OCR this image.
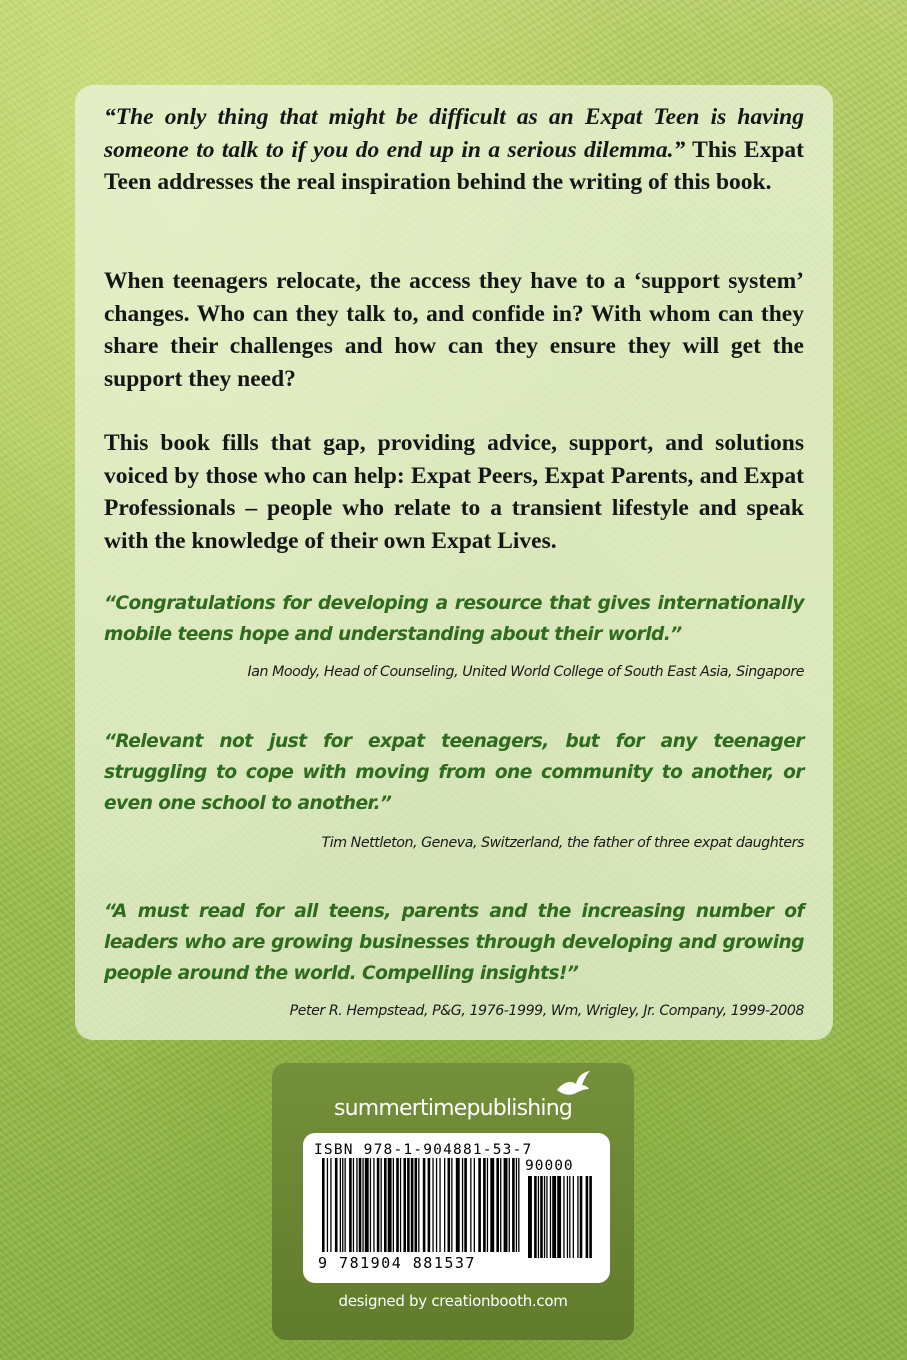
“The only thing that might be difficult as an Expat Teen is having someone to talk to if you do end up in a serious dilemma.” This Expat Teen addresses the real inspiration behind the writing of this book.

When teenagers relocate, the access they have to a ‘support system’ changes. Who can they talk to, and confide in? With whom can they share their challenges and how can they ensure they will get the support they need?

This book fills that gap, providing advice, support, and solutions voiced by those who can help: Expat Peers, Expat Parents, and Expat Professionals – people who relate to a transient lifestyle and speak with the knowledge of their own Expat Lives.

“Congratulations for developing a resource that gives internationally mobile teens hope and understanding about their world.”

Ian Moody, Head of Counseling, United World College of South East Asia, Singapore

“Relevant not just for expat teenagers, but for any teenager struggling to cope with moving from one community to another, or even one school to another.”

Tim Nettleton, Geneva, Switzerland, the father of three expat daughters

“A must read for all teens, parents and the increasing number of leaders who are growing businesses through developing and growing people around the world. Compelling insights!”

Peter R. Hempstead, P&G, 1976-1999, Wm, Wrigley, Jr. Company, 1999-2008

summertimepublishing
ISBN 978-1-904881-53-7
90000
9 781904 881537
designed by creationbooth.com
